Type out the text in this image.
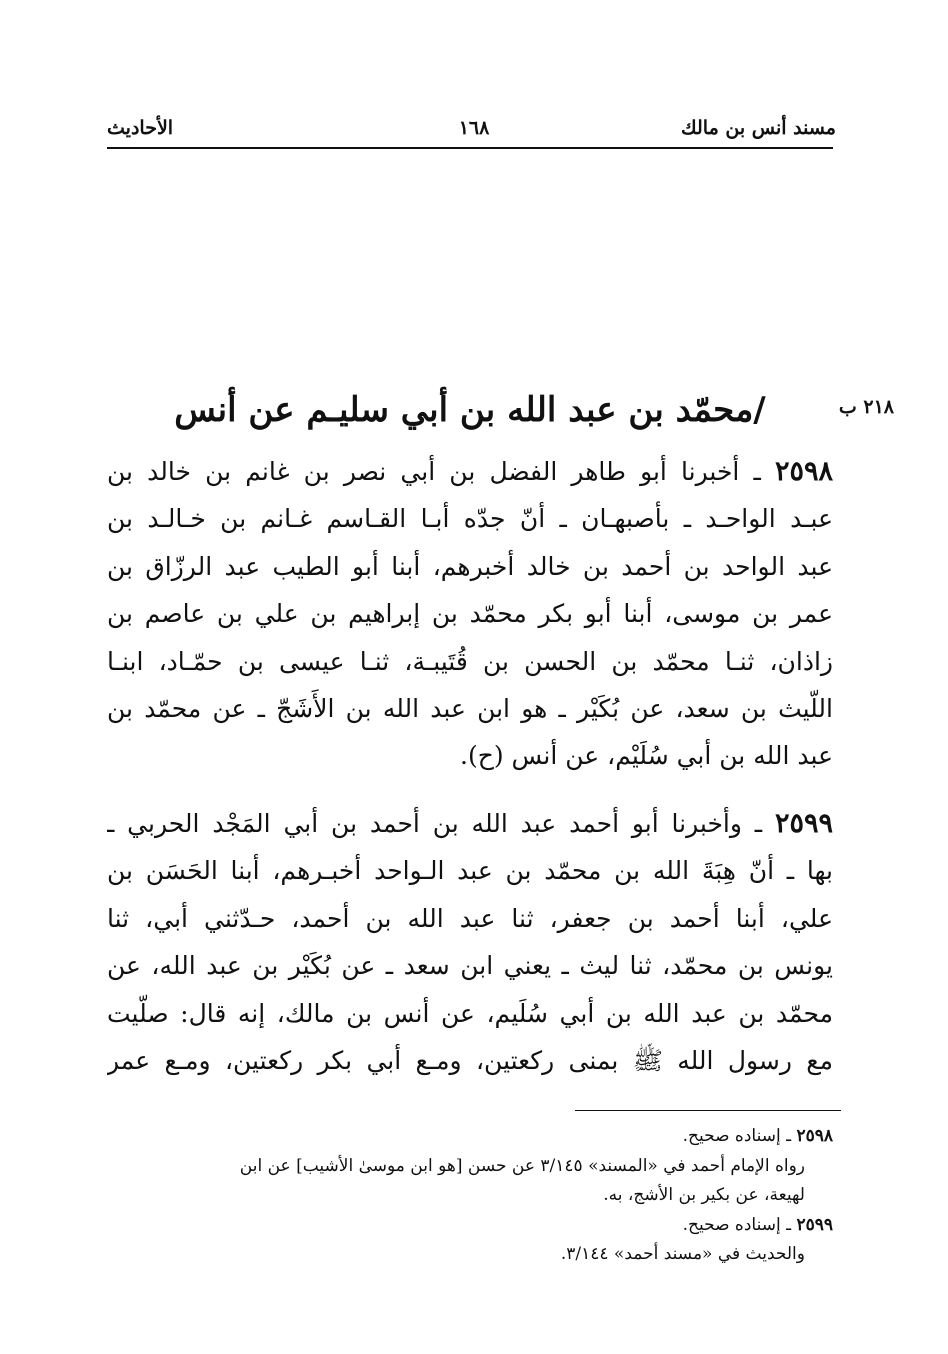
مسند أنس بن مالك
١٦٨
الأحاديث
٢١٨ ب
/محمّد بن عبد الله بن أبي سليـم عن أنس
٢٥٩٨ ـ أخبرنا أبو طاهر الفضل بن أبي نصر بن غانم بن خالد بن
عبـد الواحـد ـ بأصبهـان ـ أنّ جدّه أبـا القـاسم غـانم بن خـالـد بن
عبد الواحد بن أحمد بن خالد أخبرهم، أبنا أبو الطيب عبد الرزّاق بن
عمر بن موسى، أبنا أبو بكر محمّد بن إبراهيم بن علي بن عاصم بن
زاذان، ثنـا محمّد بن الحسن بن قُتَيبـة، ثنـا عيسى بن حمّـاد، ابنـا
اللّيث بن سعد، عن بُكَيْر ـ هو ابن عبد الله بن الأَشَجّ ـ عن محمّد بن
عبد الله بن أبي سُلَيْم، عن أنس (ح).
٢٥٩٩ ـ وأخبرنا أبو أحمد عبد الله بن أحمد بن أبي المَجْد الحربي ـ
بها ـ أنّ هِبَةَ الله بن محمّد بن عبد الـواحد أخبـرهم، أبنا الحَسَن بن
علي، أبنا أحمد بن جعفر، ثنا عبد الله بن أحمد، حـدّثني أبي، ثنا
يونس بن محمّد، ثنا ليث ـ يعني ابن سعد ـ عن بُكَيْر بن عبد الله، عن
محمّد بن عبد الله بن أبي سُلَيم، عن أنس بن مالك، إنه قال: صلّيت
مع رسول الله ﷺ بمنى ركعتين، ومـع أبي بكر ركعتين، ومـع عمر
٢٥٩٨ ـ إسناده صحيح.
رواه الإمام أحمد في «المسند» ٣/١٤٥ عن حسن [هو ابن موسىٰ الأشيب] عن ابن
لهيعة، عن بكير بن الأشج، به.
٢٥٩٩ ـ إسناده صحيح.
والحديث في «مسند أحمد» ٣/١٤٤.
